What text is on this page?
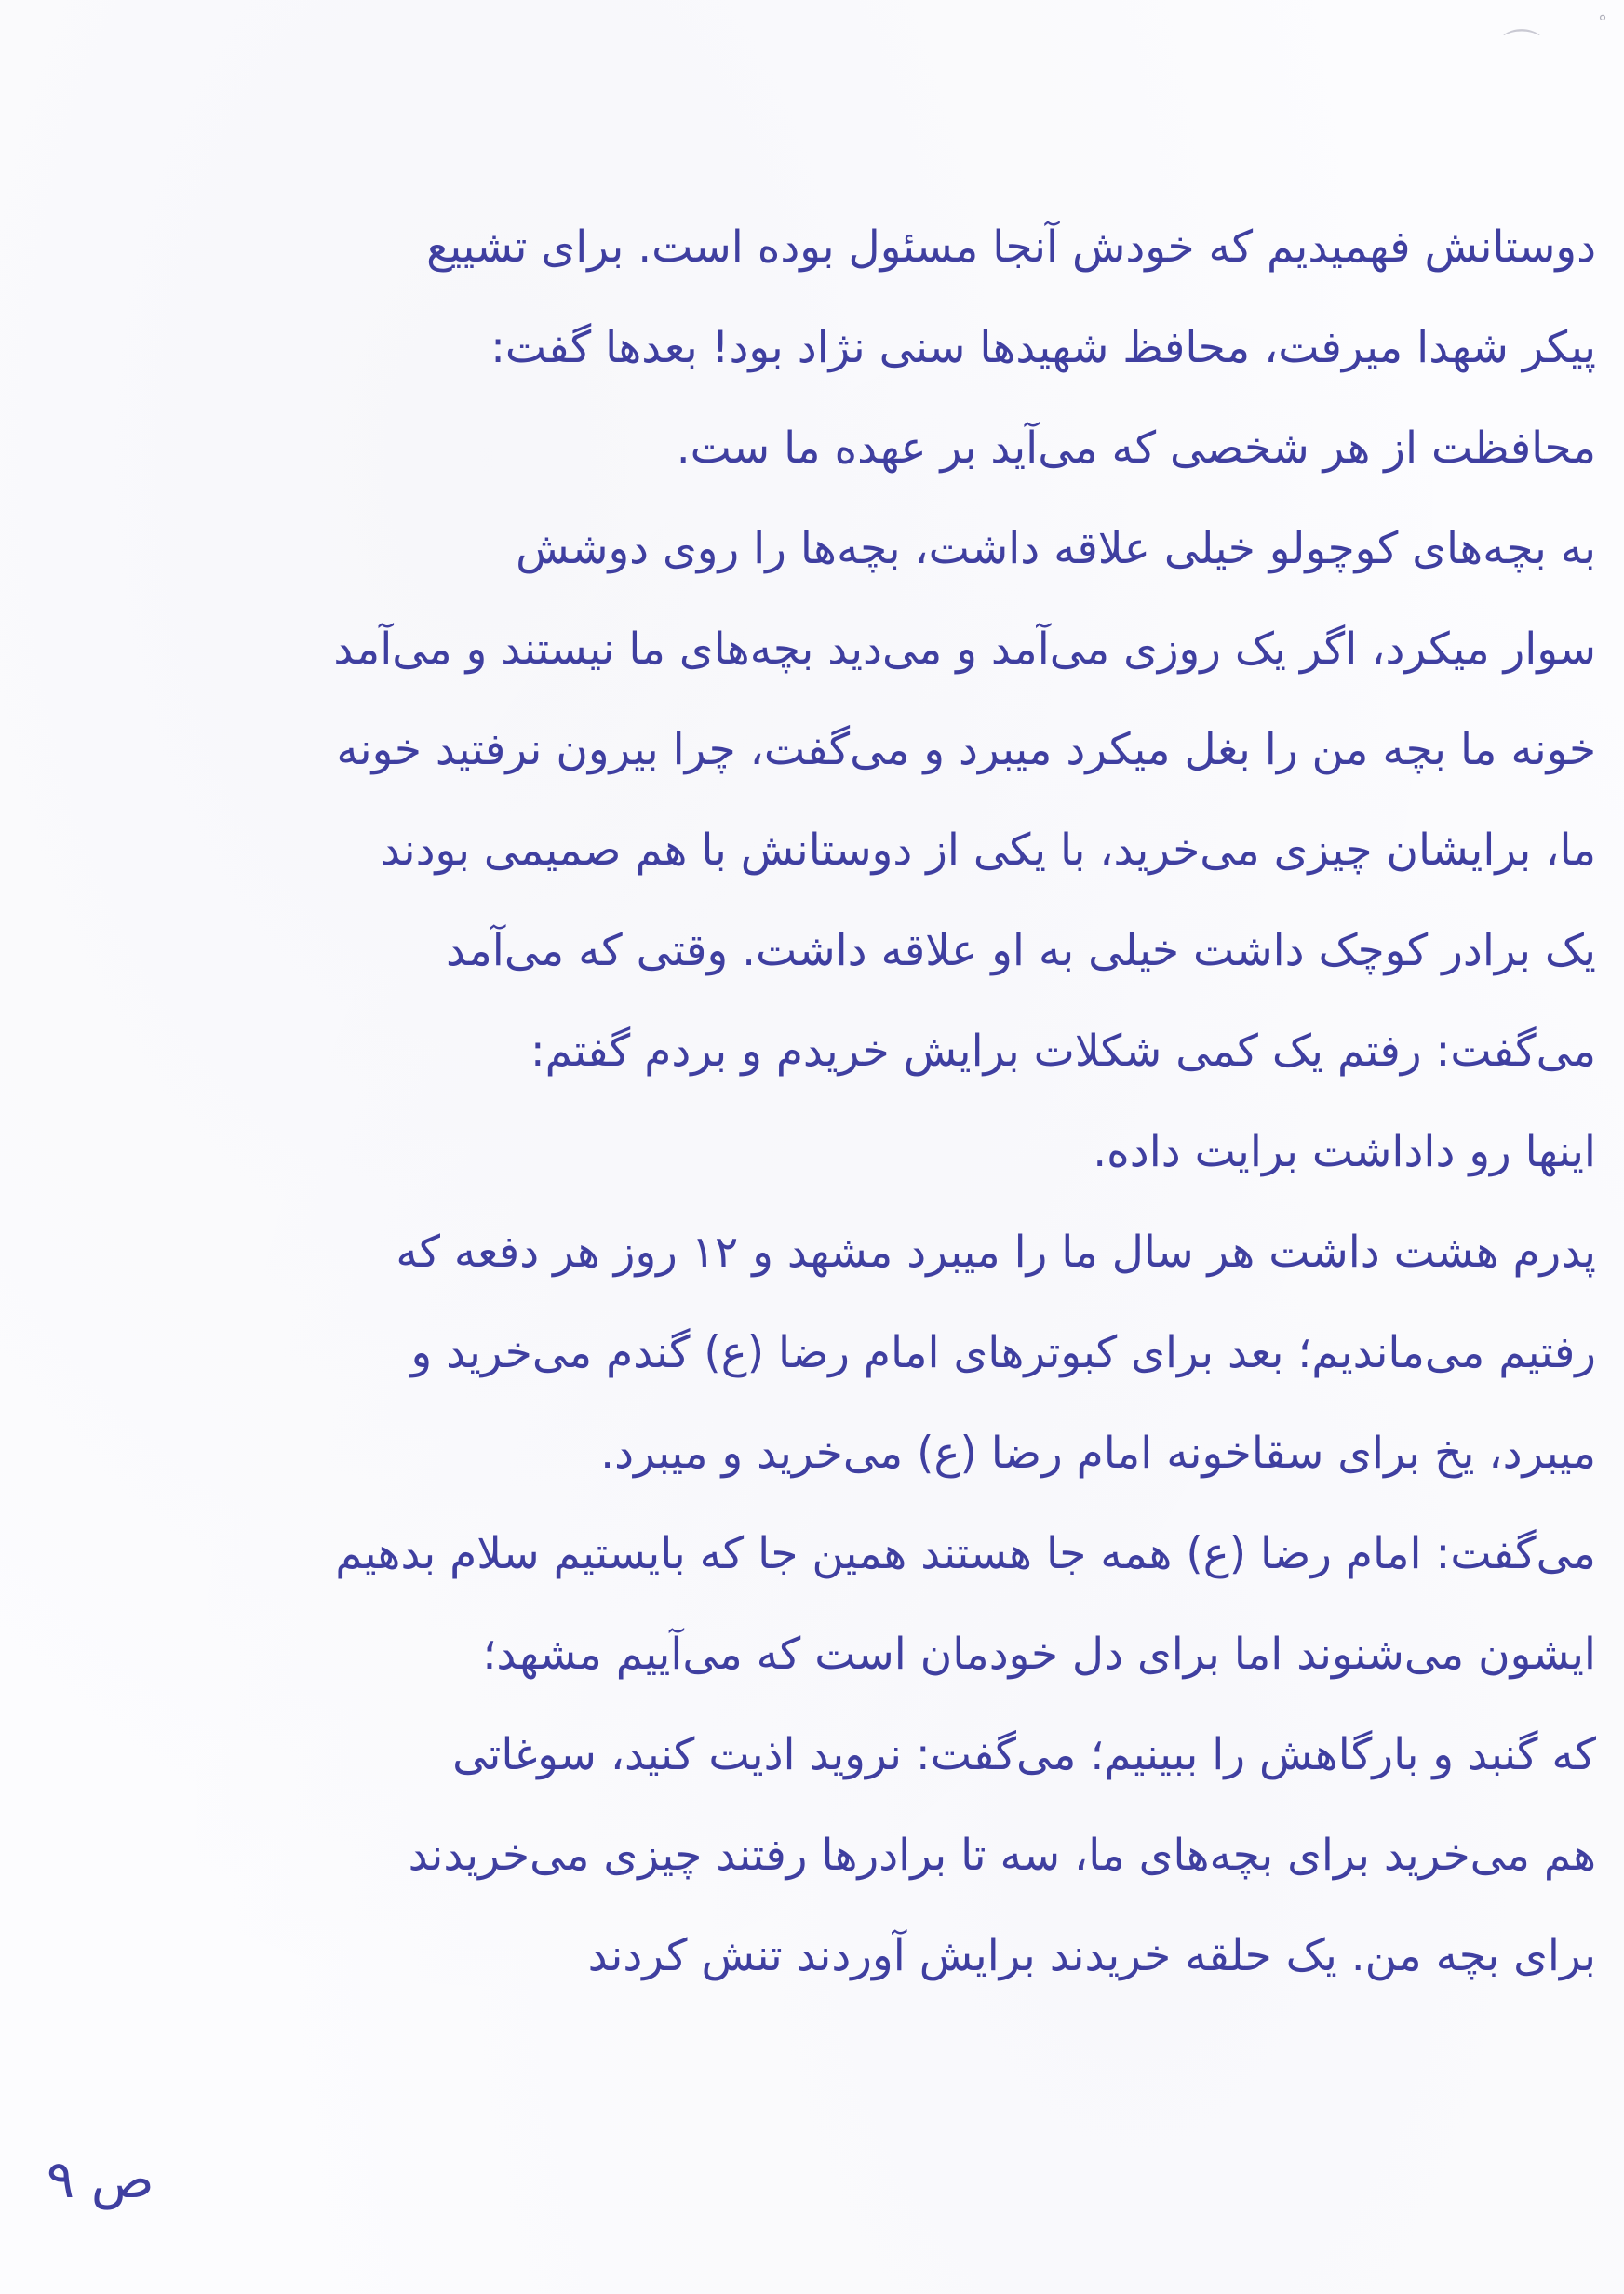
⌒
°
دوستانش فهمیدیم که خودش آنجا مسئول بوده است. برای تشییع
پیکر شهدا میرفت، محافظ شهیدها سنی نژاد بود! بعدها گفت:
محافظت از هر شخصی که می‌آید بر عهده ما ست.
به بچه‌های کوچولو خیلی علاقه داشت، بچه‌ها را روی دوشش
سوار میکرد، اگر یک روزی می‌آمد و می‌دید بچه‌های ما نیستند و می‌آمد
خونه ما بچه من را بغل میکرد میبرد و می‌گفت، چرا بیرون نرفتید خونه
ما، برایشان چیزی می‌خرید، با یکی از دوستانش با هم صمیمی بودند
یک برادر کوچک داشت خیلی به او علاقه داشت. وقتی که می‌آمد
می‌گفت: رفتم یک کمی شکلات برایش خریدم و بردم گفتم:
اینها رو داداشت برایت داده.
پدرم هشت داشت هر سال ما را میبرد مشهد و ۱۲ روز هر دفعه که
رفتیم می‌ماندیم؛ بعد برای کبوترهای امام رضا (ع) گندم می‌خرید و
میبرد، یخ برای سقاخونه امام رضا (ع) می‌خرید و میبرد.
می‌گفت: امام رضا (ع) همه جا هستند همین جا که بایستیم سلام بدهیم
ایشون می‌شنوند اما برای دل خودمان است که می‌آییم مشهد؛
که گنبد و بارگاهش را ببینیم؛ می‌گفت: نروید اذیت کنید، سوغاتی
هم می‌خرید برای بچه‌های ما، سه تا برادرها رفتند چیزی می‌خریدند
برای بچه من. یک حلقه خریدند برایش آوردند تنش کردند
ص ۹
